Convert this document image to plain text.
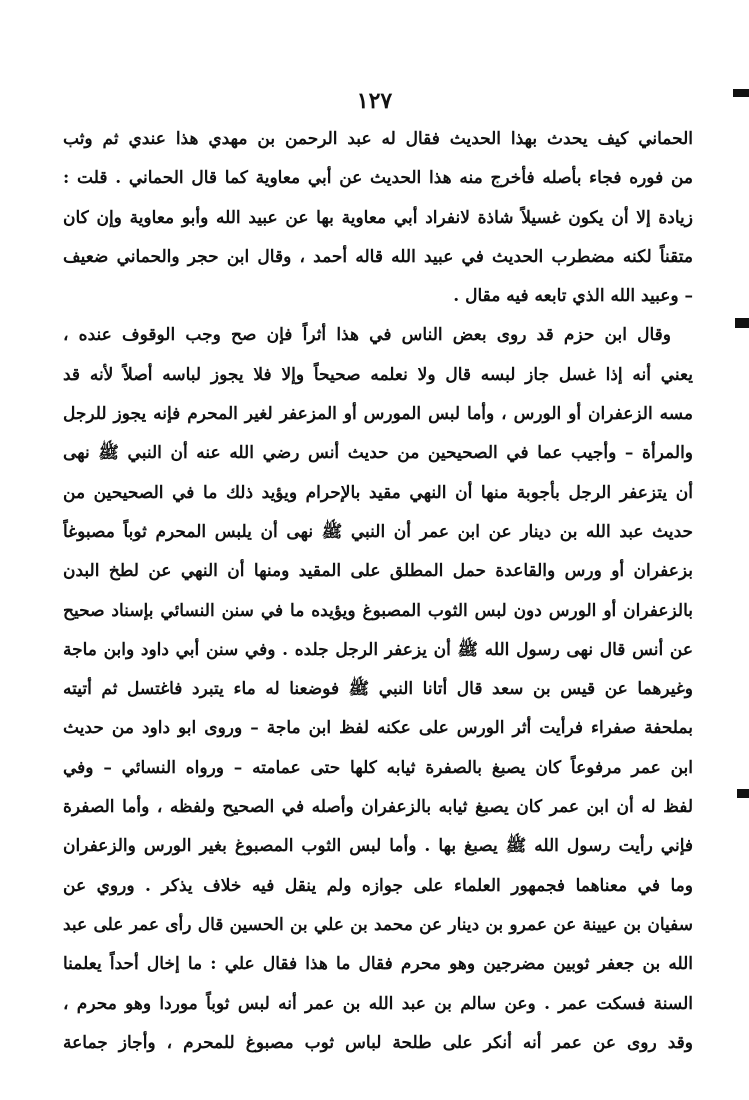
١٢٧
الحماني كيف يحدث بهذا الحديث فقال له عبد الرحمن بن مهدي هذا عندي ثم وثب
من فوره فجاء بأصله فأخرج منه هذا الحديث عن أبي معاوية كما قال الحماني . قلت :
زيادة إلا أن يكون غسيلاً شاذة لانفراد أبي معاوية بها عن عبيد الله وأبو معاوية وإن كان
متقناً لكنه مضطرب الحديث في عبيد الله قاله أحمد ، وقال ابن حجر والحماني ضعيف
– وعبيد الله الذي تابعه فيه مقال .
وقال ابن حزم قد روى بعض الناس في هذا أثراً فإن صح وجب الوقوف عنده ،
يعني أنه إذا غسل جاز لبسه قال ولا نعلمه صحيحاً وإلا فلا يجوز لباسه أصلاً لأنه قد
مسه الزعفران أو الورس ، وأما لبس المورس أو المزعفر لغير المحرم فإنه يجوز للرجل
والمرأة – وأجيب عما في الصحيحين من حديث أنس رضي الله عنه أن النبي ﷺ نهى
أن يتزعفر الرجل بأجوبة منها أن النهي مقيد بالإحرام ويؤيد ذلك ما في الصحيحين من
حديث عبد الله بن دينار عن ابن عمر أن النبي ﷺ نهى أن يلبس المحرم ثوباً مصبوغاً
بزعفران أو ورس والقاعدة حمل المطلق على المقيد ومنها أن النهي عن لطخ البدن
بالزعفران أو الورس دون لبس الثوب المصبوغ ويؤيده ما في سنن النسائي بإسناد صحيح
عن أنس قال نهى رسول الله ﷺ أن يزعفر الرجل جلده . وفي سنن أبي داود وابن ماجة
وغيرهما عن قيس بن سعد قال أتانا النبي ﷺ فوضعنا له ماء يتبرد فاغتسل ثم أتيته
بملحفة صفراء فرأيت أثر الورس على عكنه لفظ ابن ماجة – وروى ابو داود من حديث
ابن عمر مرفوعاً كان يصبغ بالصفرة ثيابه كلها حتى عمامته – ورواه النسائي – وفي
لفظ له أن ابن عمر كان يصبغ ثيابه بالزعفران وأصله في الصحيح ولفظه ، وأما الصفرة
فإني رأيت رسول الله ﷺ يصبغ بها . وأما لبس الثوب المصبوغ بغير الورس والزعفران
وما في معناهما فجمهور العلماء على جوازه ولم ينقل فيه خلاف يذكر . وروي عن
سفيان بن عيينة عن عمرو بن دينار عن محمد بن علي بن الحسين قال رأى عمر على عبد
الله بن جعفر ثوبين مضرجين وهو محرم فقال ما هذا فقال علي : ما إخال أحداً يعلمنا
السنة فسكت عمر . وعن سالم بن عبد الله بن عمر أنه لبس ثوباً موردا وهو محرم ،
وقد روى عن عمر أنه أنكر على طلحة لباس ثوب مصبوغ للمحرم ، وأجاز جماعة
